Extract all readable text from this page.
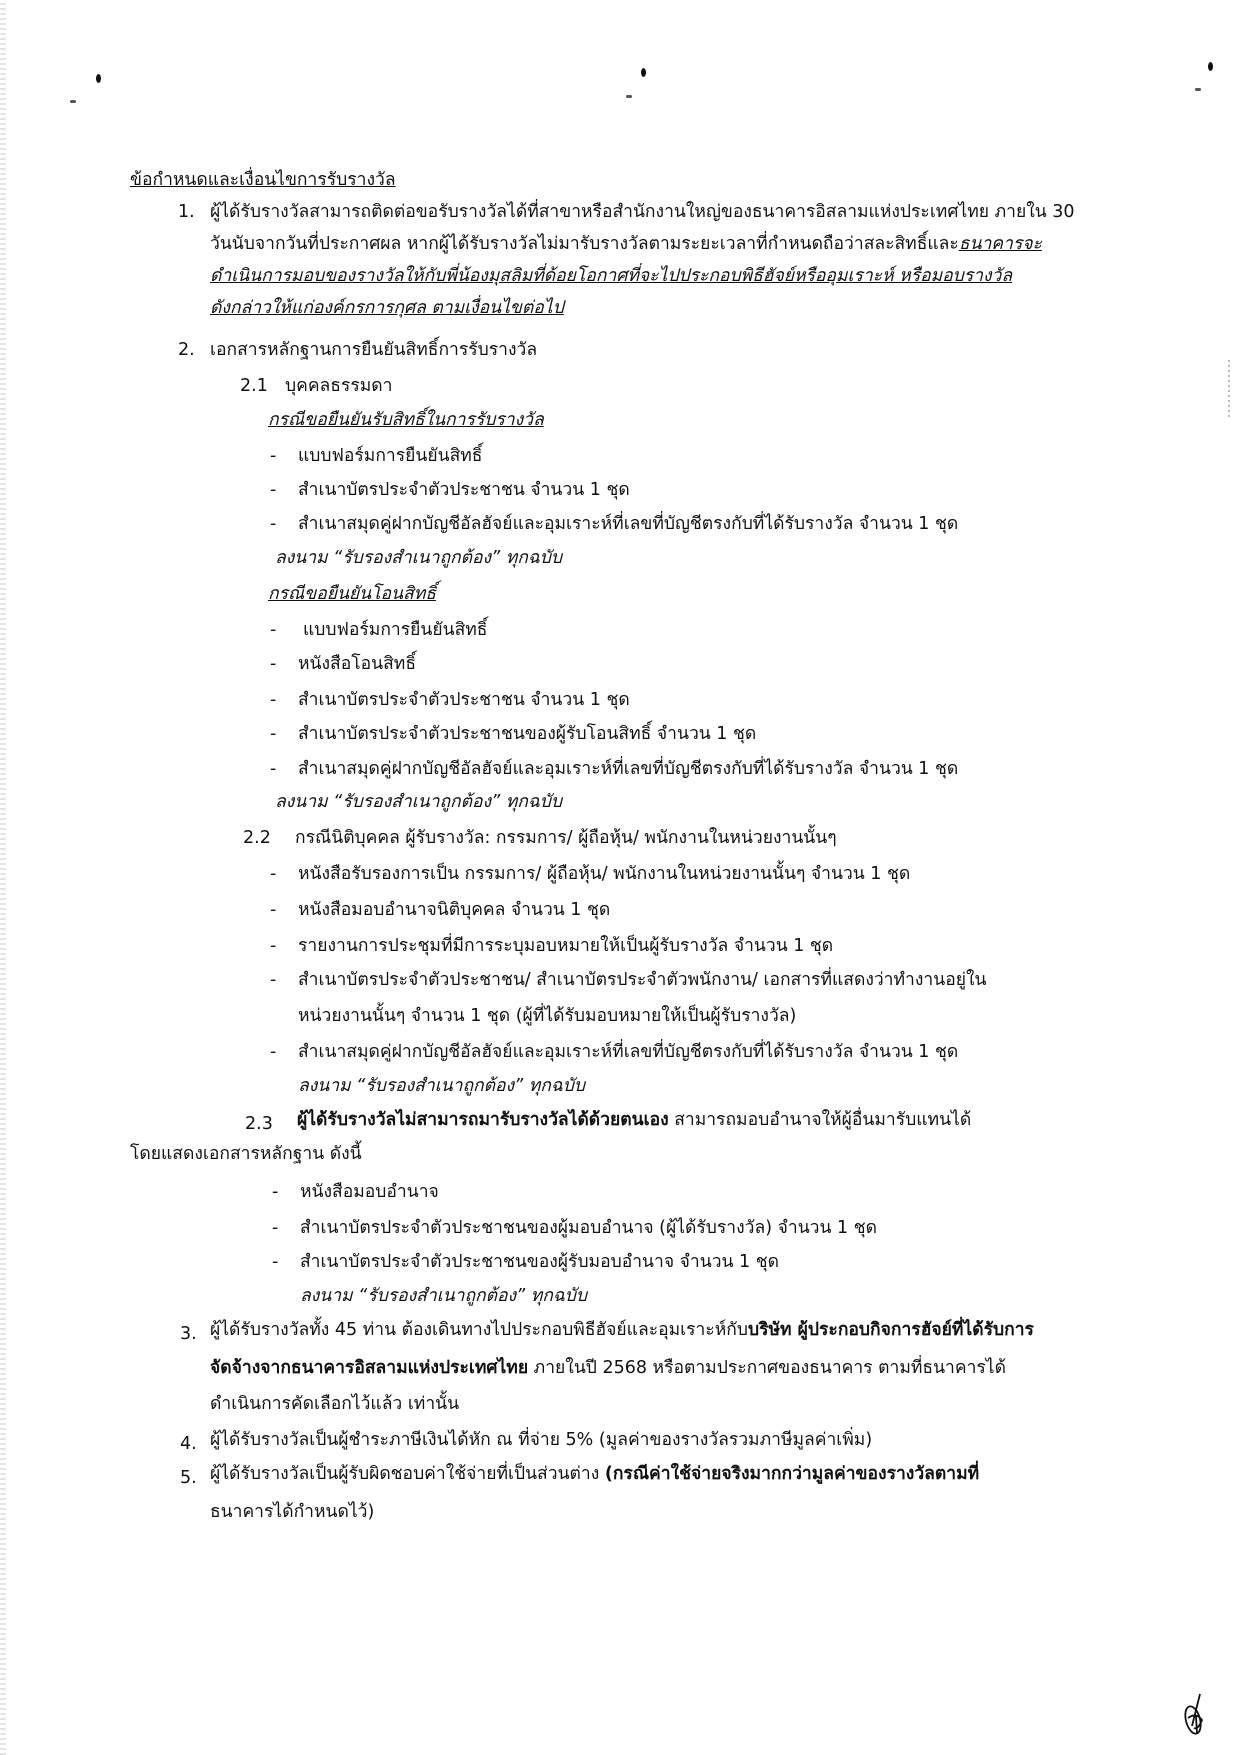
ข้อกำหนดและเงื่อนไขการรับรางวัล
1. ผู้ได้รับรางวัลสามารถติดต่อขอรับรางวัลได้ที่สาขาหรือสำนักงานใหญ่ของธนาคารอิสลามแห่งประเทศไทย ภายใน 30
วันนับจากวันที่ประกาศผล หากผู้ได้รับรางวัลไม่มารับรางวัลตามระยะเวลาที่กำหนดถือว่าสละสิทธิ์และธนาคารจะ
ดำเนินการมอบของรางวัลให้กับพี่น้องมุสลิมที่ด้อยโอกาศที่จะไปประกอบพิธีฮัจย์หรืออุมเราะห์ หรือมอบรางวัล
ดังกล่าวให้แก่องค์กรการกุศล ตามเงื่อนไขต่อไป
2. เอกสารหลักฐานการยืนยันสิทธิ์การรับรางวัล
2.1 บุคคลธรรมดา
กรณีขอยืนยันรับสิทธิ์ในการรับรางวัล
- แบบฟอร์มการยืนยันสิทธิ์
- สำเนาบัตรประจำตัวประชาชน จำนวน 1 ชุด
- สำเนาสมุดคู่ฝากบัญชีอัลฮัจย์และอุมเราะห์ที่เลขที่บัญชีตรงกับที่ได้รับรางวัล จำนวน 1 ชุด
ลงนาม “รับรองสำเนาถูกต้อง” ทุกฉบับ
กรณีขอยืนยันโอนสิทธิ์
- แบบฟอร์มการยืนยันสิทธิ์
- หนังสือโอนสิทธิ์
- สำเนาบัตรประจำตัวประชาชน จำนวน 1 ชุด
- สำเนาบัตรประจำตัวประชาชนของผู้รับโอนสิทธิ์ จำนวน 1 ชุด
- สำเนาสมุดคู่ฝากบัญชีอัลฮัจย์และอุมเราะห์ที่เลขที่บัญชีตรงกับที่ได้รับรางวัล จำนวน 1 ชุด
ลงนาม “รับรองสำเนาถูกต้อง” ทุกฉบับ
2.2 กรณีนิติบุคคล ผู้รับรางวัล: กรรมการ/ ผู้ถือหุ้น/ พนักงานในหน่วยงานนั้นๆ
- หนังสือรับรองการเป็น กรรมการ/ ผู้ถือหุ้น/ พนักงานในหน่วยงานนั้นๆ จำนวน 1 ชุด
- หนังสือมอบอำนาจนิติบุคคล จำนวน 1 ชุด
- รายงานการประชุมที่มีการระบุมอบหมายให้เป็นผู้รับรางวัล จำนวน 1 ชุด
- สำเนาบัตรประจำตัวประชาชน/ สำเนาบัตรประจำตัวพนักงาน/ เอกสารที่แสดงว่าทำงานอยู่ใน
หน่วยงานนั้นๆ จำนวน 1 ชุด (ผู้ที่ได้รับมอบหมายให้เป็นผู้รับรางวัล)
- สำเนาสมุดคู่ฝากบัญชีอัลฮัจย์และอุมเราะห์ที่เลขที่บัญชีตรงกับที่ได้รับรางวัล จำนวน 1 ชุด
ลงนาม “รับรองสำเนาถูกต้อง” ทุกฉบับ
2.3 ผู้ได้รับรางวัลไม่สามารถมารับรางวัลได้ด้วยตนเอง สามารถมอบอำนาจให้ผู้อื่นมารับแทนได้
โดยแสดงเอกสารหลักฐาน ดังนี้
- หนังสือมอบอำนาจ
- สำเนาบัตรประจำตัวประชาชนของผู้มอบอำนาจ (ผู้ได้รับรางวัล) จำนวน 1 ชุด
- สำเนาบัตรประจำตัวประชาชนของผู้รับมอบอำนาจ จำนวน 1 ชุด
ลงนาม “รับรองสำเนาถูกต้อง” ทุกฉบับ
3. ผู้ได้รับรางวัลทั้ง 45 ท่าน ต้องเดินทางไปประกอบพิธีฮัจย์และอุมเราะห์กับบริษัท ผู้ประกอบกิจการฮัจย์ที่ได้รับการ
จัดจ้างจากธนาคารอิสลามแห่งประเทศไทย ภายในปี 2568 หรือตามประกาศของธนาคาร ตามที่ธนาคารได้
ดำเนินการคัดเลือกไว้แล้ว เท่านั้น
4. ผู้ได้รับรางวัลเป็นผู้ชำระภาษีเงินได้หัก ณ ที่จ่าย 5% (มูลค่าของรางวัลรวมภาษีมูลค่าเพิ่ม)
5. ผู้ได้รับรางวัลเป็นผู้รับผิดชอบค่าใช้จ่ายที่เป็นส่วนต่าง (กรณีค่าใช้จ่ายจริงมากกว่ามูลค่าของรางวัลตามที่
ธนาคารได้กำหนดไว้)
